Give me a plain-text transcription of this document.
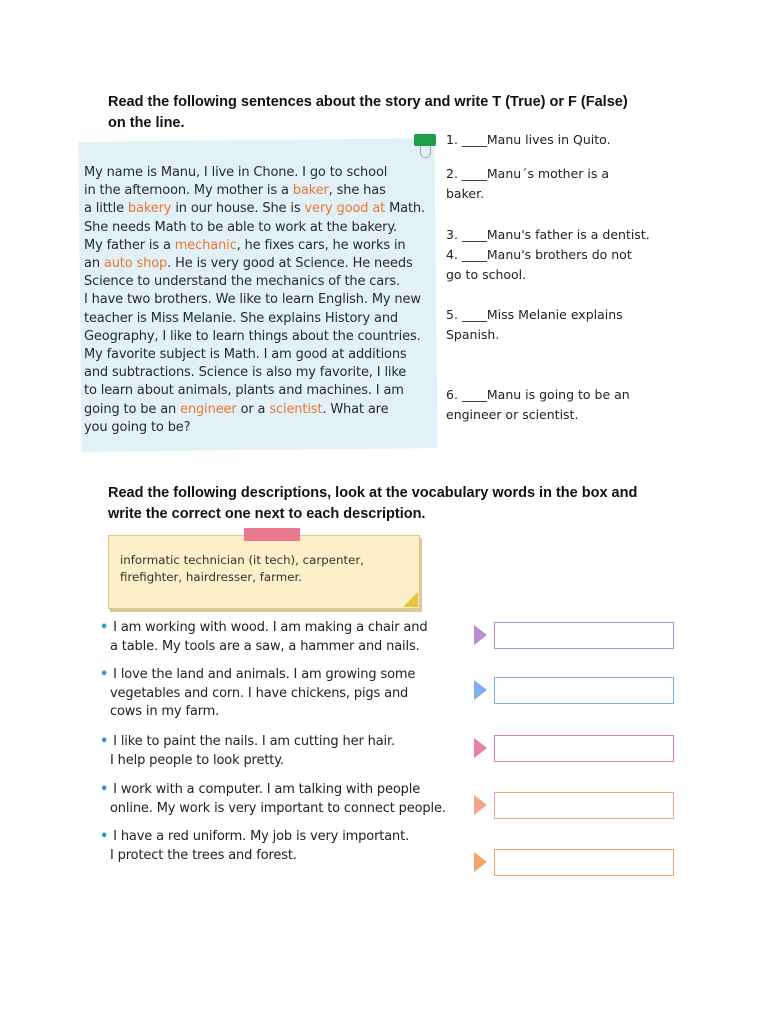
Read the following sentences about the story and write T (True) or F (False)
on the line.
My name is Manu, I live in Chone. I go to school
in the afternoon. My mother is a baker, she has
a little bakery in our house. She is very good at Math.
She needs Math to be able to work at the bakery.
My father is a mechanic, he fixes cars, he works in
an auto shop. He is very good at Science. He needs
Science to understand the mechanics of the cars.
I have two brothers. We like to learn English. My new
teacher is Miss Melanie. She explains History and
Geography, I like to learn things about the countries.
My favorite subject is Math. I am good at additions
and subtractions. Science is also my favorite, I like
to learn about animals, plants and machines. I am
going to be an engineer or a scientist. What are
you going to be?
1. ____Manu lives in Quito.
2. ____Manu´s mother is a
baker.
3. ____Manu's father is a dentist.
4. ____Manu's brothers do not
go to school.
5. ____Miss Melanie explains
Spanish.
6. ____Manu is going to be an
engineer or scientist.
Read the following descriptions, look at the vocabulary words in the box and
write the correct one next to each description.
informatic technician (it tech), carpenter,
firefighter, hairdresser, farmer.
• I am working with wood. I am making a chair and
a table. My tools are a saw, a hammer and nails.
• I love the land and animals. I am growing some
vegetables and corn. I have chickens, pigs and
cows in my farm.
• I like to paint the nails. I am cutting her hair.
I help people to look pretty.
• I work with a computer. I am talking with people
online. My work is very important to connect people.
• I have a red uniform. My job is very important.
I protect the trees and forest.
